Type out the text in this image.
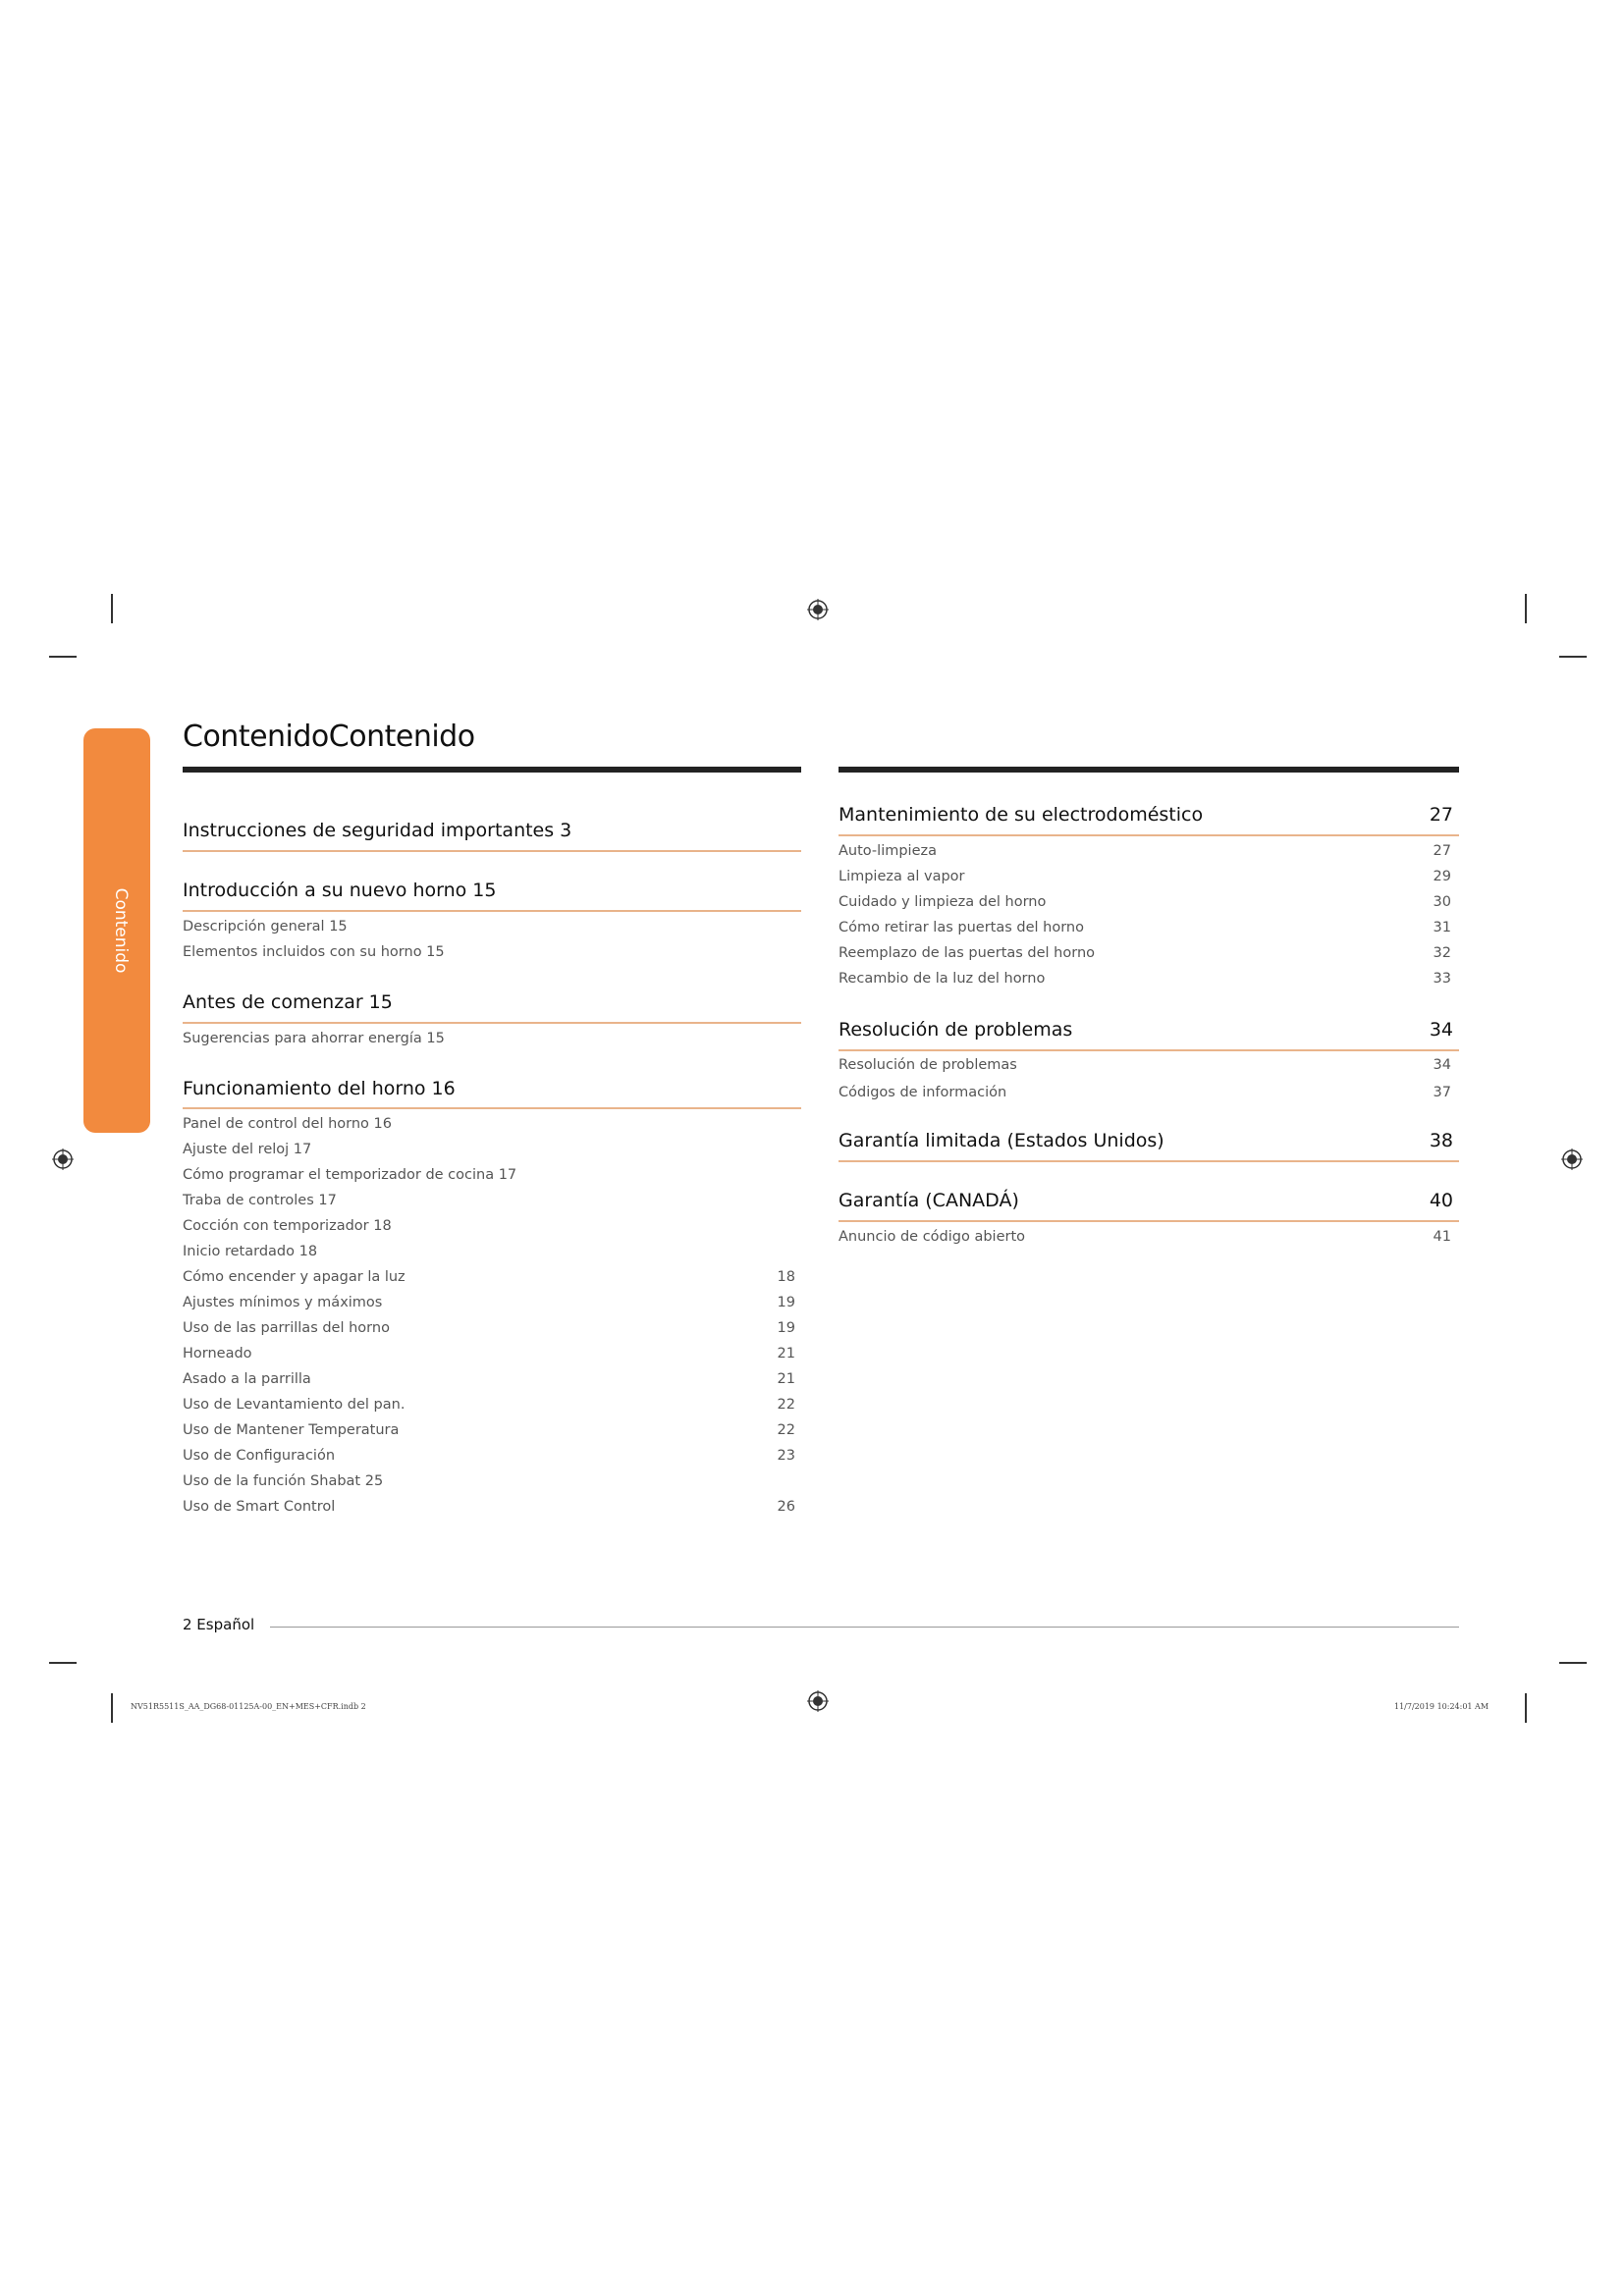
Contenido
ContenidoContenido
Instrucciones de seguridad importantes 3
Introducción a su nuevo horno 15
Descripción general 15
Elementos incluidos con su horno 15
Antes de comenzar 15
Sugerencias para ahorrar energía 15
Funcionamiento del horno 16
Panel de control del horno 16
Ajuste del reloj 17
Cómo programar el temporizador de cocina 17
Traba de controles 17
Cocción con temporizador 18
Inicio retardado 18
Cómo encender y apagar la luz	18
Ajustes mínimos y máximos	19
Uso de las parrillas del horno	19
Horneado	21
Asado a la parrilla	21
Uso de Levantamiento del pan.	22
Uso de Mantener Temperatura	22
Uso de Configuración	23
Uso de la función Shabat 25
Uso de Smart Control	26
Mantenimiento de su electrodoméstico	27
Auto-limpieza	27
Limpieza al vapor	29
Cuidado y limpieza del horno	30
Cómo retirar las puertas del horno	31
Reemplazo de las puertas del horno	32
Recambio de la luz del horno	33
Resolución de problemas	34
Resolución de problemas	34
Códigos de información	37
Garantía limitada (Estados Unidos)	38
Garantía (CANADÁ)	40
Anuncio de código abierto	41
2 Español
NV51R5511S_AA_DG68-01125A-00_EN+MES+CFR.indb 2	11/7/2019 10:24:01 AM
